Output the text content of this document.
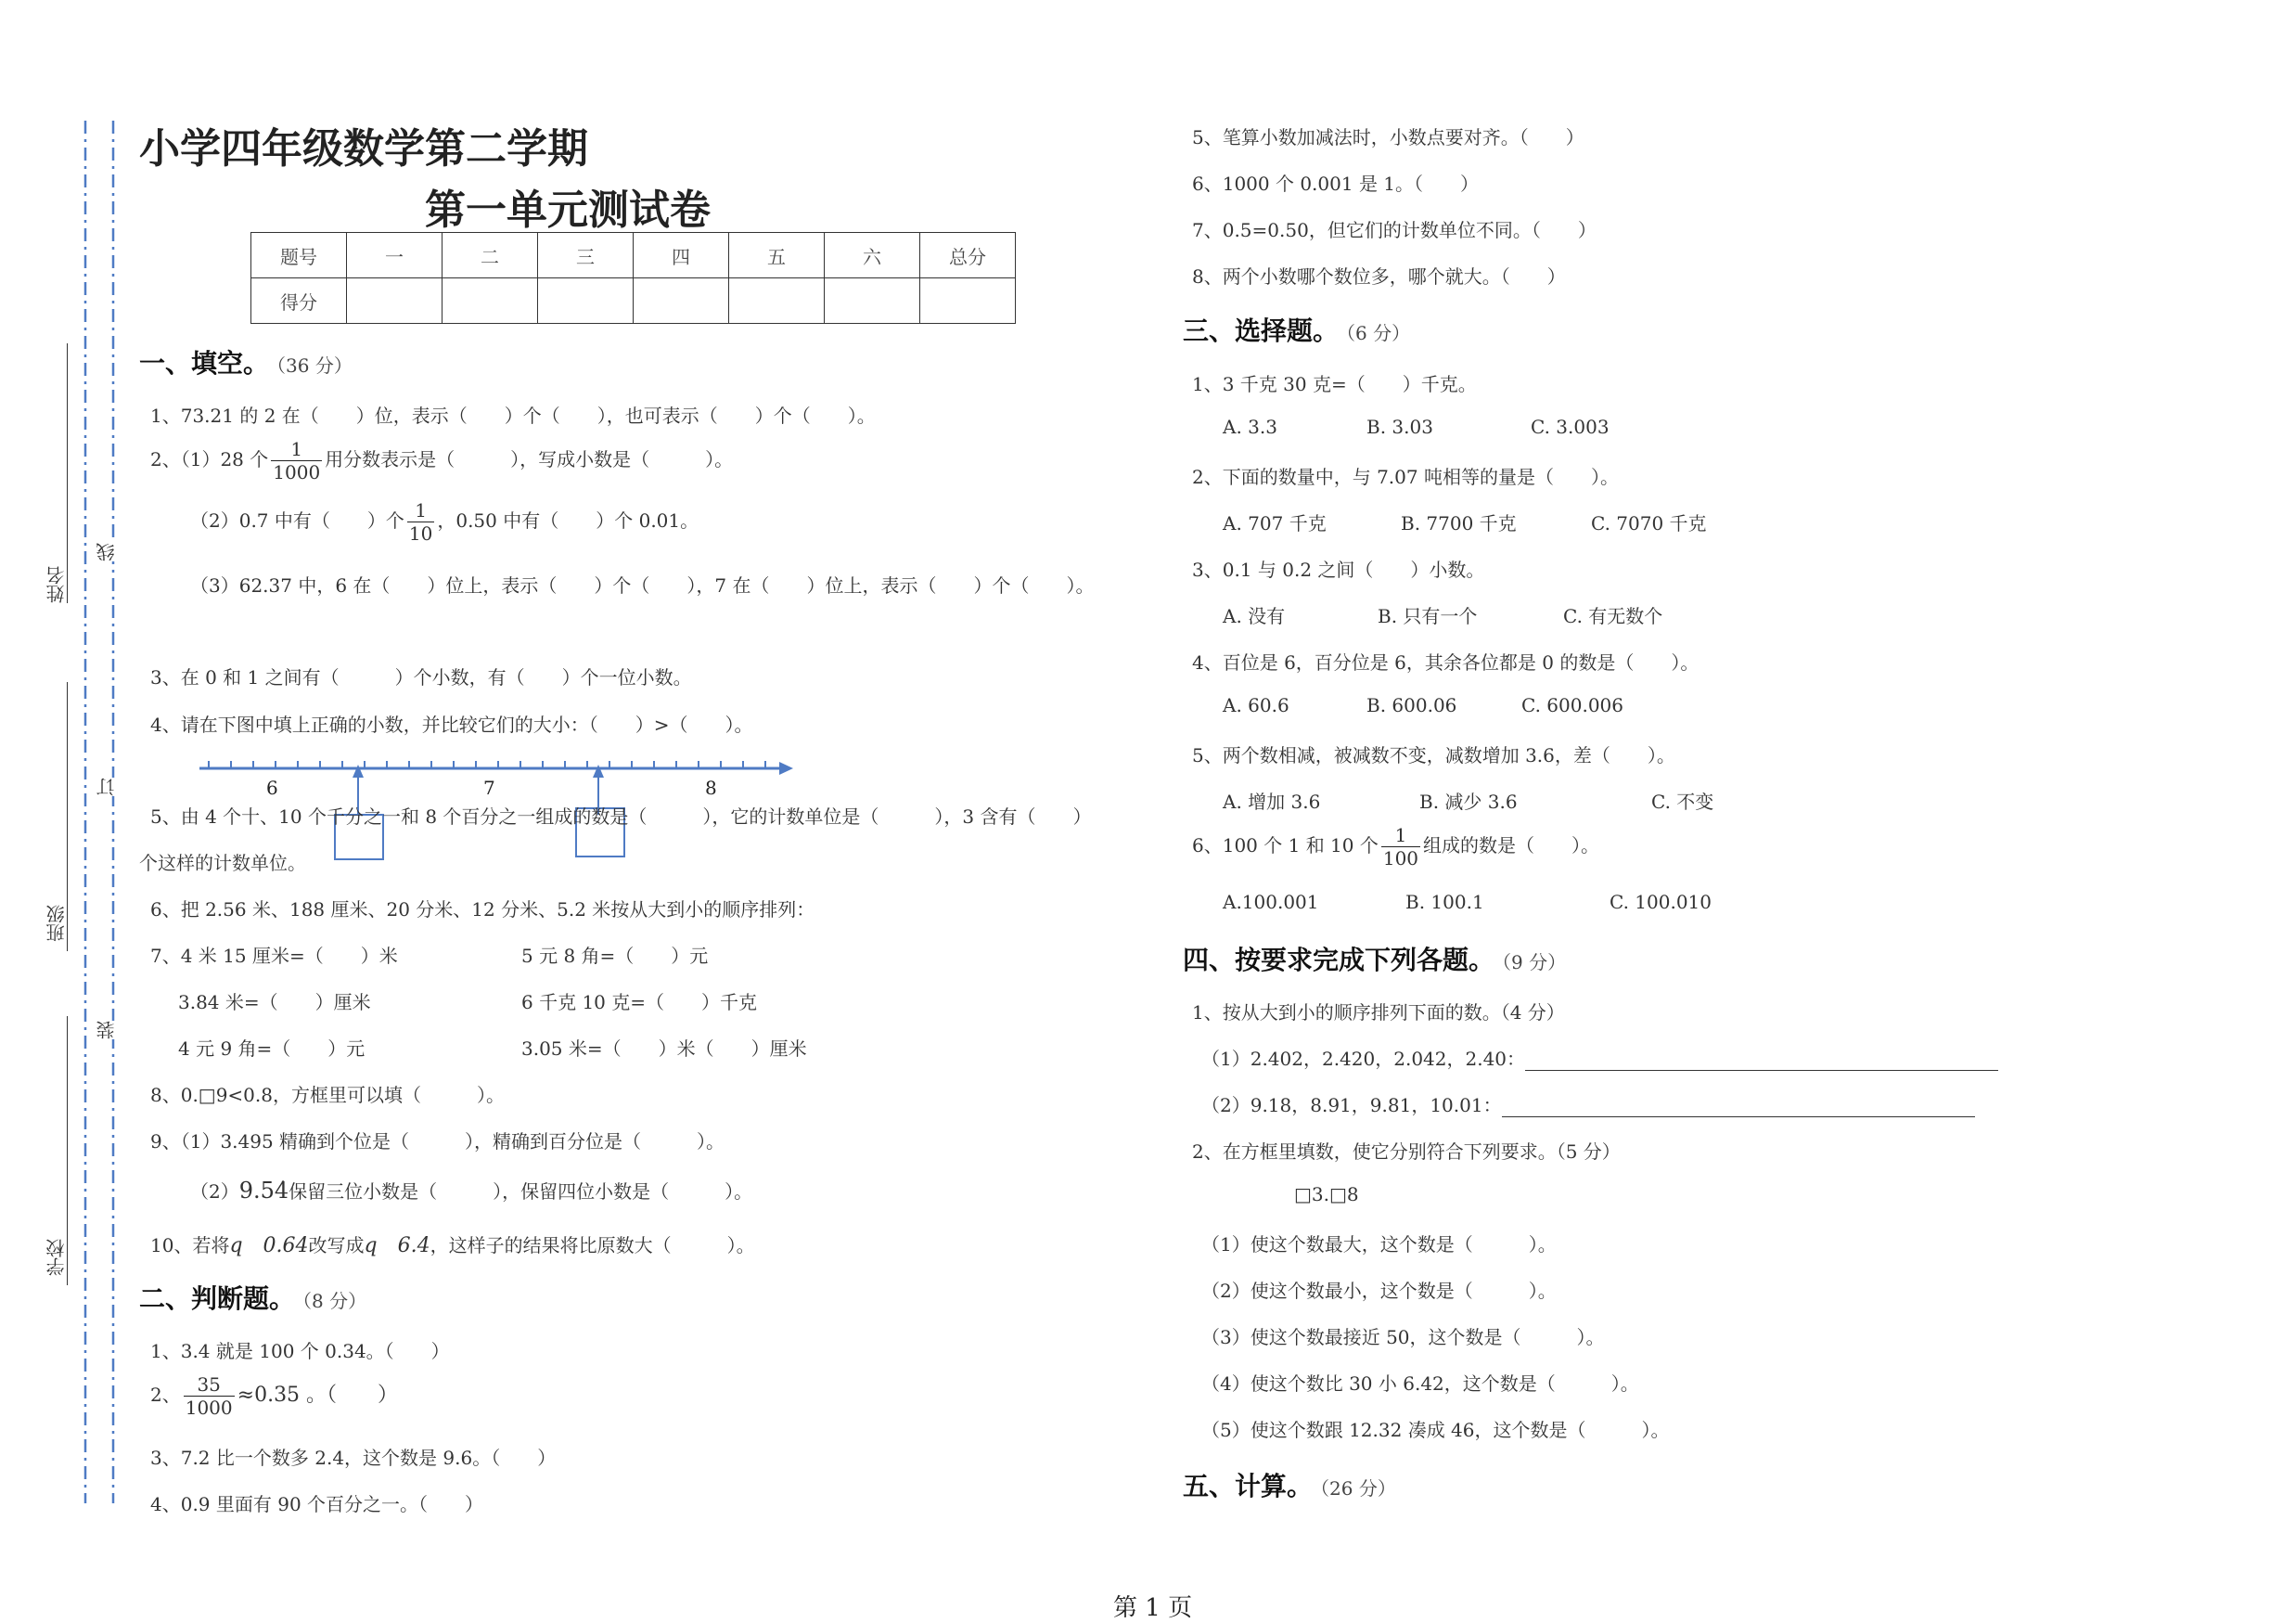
姓名
班级
学校
线
订
装
小学四年级数学第二学期
第一单元测试卷
题号	一	二	三	四	五	六	总分
得分							
一、填空。 （36 分）
1、73.21 的 2 在（　　）位，表示（　　）个（　　），也可表示（　　）个（　　）。
2、（1）28 个 $\frac{1}{1000}$ 用分数表示是（　　　），写成小数是（　　　）。
（2）0.7 中有（　　）个 $\frac{1}{10}$ ，0.50 中有（　　）个 0.01。
（3）62.37 中，6 在（　　）位上，表示（　　）个（　　），7 在（　　）位上，表示（　　）个（　　）。
3、在 0 和 1 之间有（　　　）个小数，有（　　）个一位小数。
4、请在下图中填上正确的小数，并比较它们的大小：（　　）>（　　）。
6	7	8
5、由 4 个十、10 个千分之一和 8 个百分之一组成的数是（　　　），它的计数单位是（　　　），3 含有（　　）
个这样的计数单位。
6、把 2.56 米、188 厘米、20 分米、12 分米、5.2 米按从大到小的顺序排列：
7、4 米 15 厘米=（　　）米	5 元 8 角=（　　）元
3.84 米=（　　）厘米	6 千克 10 克=（　　）千克
4 元 9 角=（　　）元	3.05 米=（　　）米（　　）厘米
8、0.□9<0.8，方框里可以填（　　　）。
9、（1）3.495 精确到个位是（　　　），精确到百分位是（　　　）。
（2）9.54̇保留三位小数是（　　　），保留四位小数是（　　　）。
10、若将q　0.64改写成q　6.4，这样子的结果将比原数大（　　　）。
二、判断题。 （8 分）
1、3.4 就是 100 个 0.34。（　　）
2、 $\frac{35}{1000} \approx 0.35$ 。（　　）
3、7.2 比一个数多 2.4，这个数是 9.6。（　　）
4、0.9 里面有 90 个百分之一。（　　）
5、笔算小数加减法时，小数点要对齐。（　　）
6、1000 个 0.001 是 1。（　　）
7、0.5=0.50，但它们的计数单位不同。（　　）
8、两个小数哪个数位多，哪个就大。（　　）
三、选择题。 （6 分）
1、3 千克 30 克=（　　）千克。
A. 3.3	B. 3.03	C. 3.003
2、下面的数量中，与 7.07 吨相等的量是（　　）。
A. 707 千克	B. 7700 千克	C. 7070 千克
3、0.1 与 0.2 之间（　　）小数。
A. 没有	B. 只有一个	C. 有无数个
4、百位是 6，百分位是 6，其余各位都是 0 的数是（　　）。
A. 60.6	B. 600.06	C. 600.006
5、两个数相减，被减数不变，减数增加 3.6，差（　　）。
A. 增加 3.6	B. 减少 3.6	C. 不变
6、100 个 1 和 10 个 $\frac{1}{100}$ 组成的数是（　　）。
A.100.001	B. 100.1	C. 100.010
四、按要求完成下列各题。 （9 分）
1、按从大到小的顺序排列下面的数。（4 分）
（1）2.402，2.420，2.042，2.40：
（2）9.18，8.91，9.81，10.01：
2、在方框里填数，使它分别符合下列要求。（5 分）
□3.□8
（1）使这个数最大，这个数是（　　　）。
（2）使这个数最小，这个数是（　　　）。
（3）使这个数最接近 50，这个数是（　　　）。
（4）使这个数比 30 小 6.42，这个数是（　　　）。
（5）使这个数跟 12.32 凑成 46，这个数是（　　　）。
五、计算。 （26 分）
第 1 页
